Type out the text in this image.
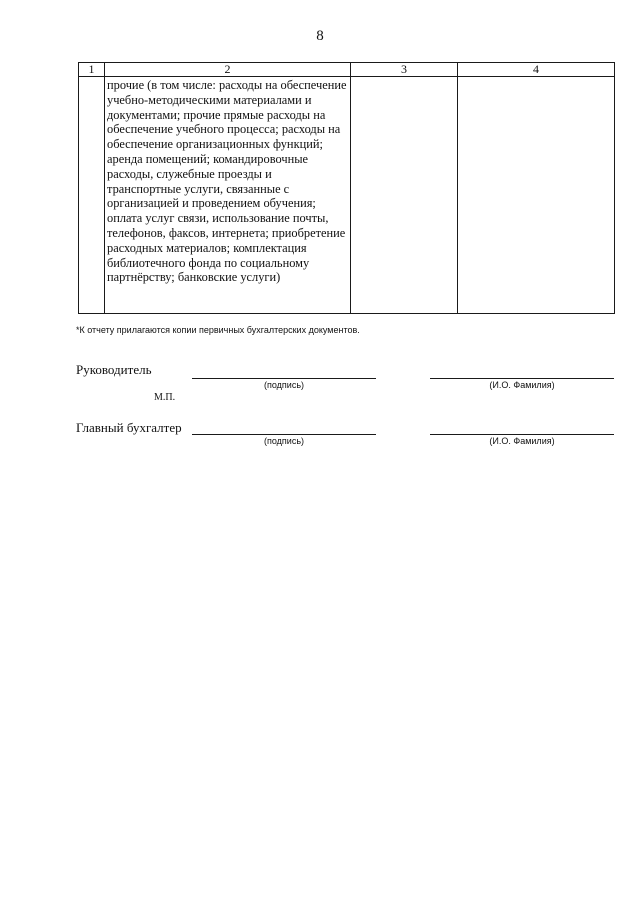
8
1	2	3	4

	прочие (в том числе: расходы на обеспечение учебно-методическими материалами и документами; прочие прямые расходы на обеспечение учебного процесса; расходы на обеспечение организационных функций; аренда помещений; командировочные расходы, служебные проезды и транспортные услуги, связанные с организацией и проведением обучения; оплата услуг связи, использование почты, телефонов, факсов, интернета; приобретение расходных материалов; комплектация библиотечного фонда по социальному партнёрству; банковские услуги)		

*К отчету прилагаются копии первичных бухгалтерских документов.
Руководитель
(подпись)	(И.О. Фамилия)
М.П.
Главный бухгалтер
(подпись)	(И.О. Фамилия)
